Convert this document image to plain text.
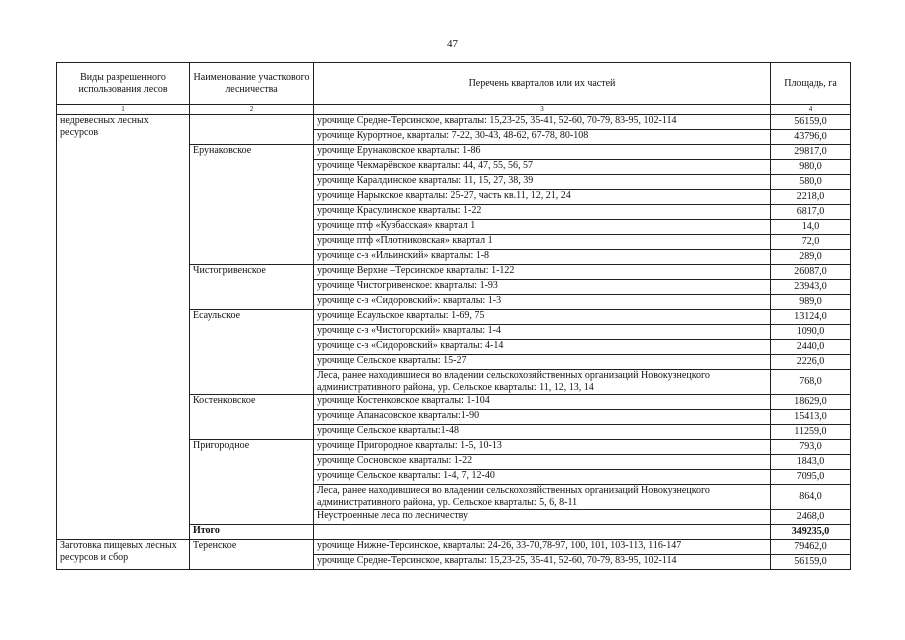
47
Виды разрешенного использования лесов	Наименование участкового лесничества	Перечень кварталов или их частей	Площадь, га
1	2	3	4
недревесных лесных ресурсов		урочище Средне-Терсинское, кварталы: 15,23-25, 35-41, 52-60, 70-79, 83-95, 102-114	56159,0
		урочище Курортное, кварталы: 7-22, 30-43, 48-62, 67-78, 80-108	43796,0
	Ерунаковское	урочище Ерунаковское кварталы: 1-86	29817,0
		урочище Чекмарёвское кварталы: 44, 47, 55, 56, 57	980,0
		урочище Каралдинское кварталы: 11, 15, 27, 38, 39	580,0
		урочище Нарыкское кварталы: 25-27, часть кв.11, 12, 21, 24	2218,0
		урочище Красулинское кварталы: 1-22	6817,0
		урочище птф «Кузбасская» квартал 1	14,0
		урочище птф «Плотниковская» квартал 1	72,0
		урочище с-з «Ильинский» кварталы: 1-8	289,0
	Чистогривенское	урочище Верхне –Терсинское кварталы: 1-122	26087,0
		урочище Чистогривенское: кварталы: 1-93	23943,0
		урочище с-з «Сидоровский»: кварталы: 1-3	989,0
	Есаульское	урочище Есаульское кварталы: 1-69, 75	13124,0
		урочище с-з «Чистогорский» кварталы: 1-4	1090,0
		урочище с-з «Сидоровский» кварталы: 4-14	2440,0
		урочище Сельское кварталы: 15-27	2226,0
		Леса, ранее находившиеся во владении сельскохозяйственных организаций Новокузнецкого административного района, ур. Сельское кварталы: 11, 12, 13, 14	768,0
	Костенковское	урочище Костенковское кварталы: 1-104	18629,0
		урочище Апанасовское кварталы:1-90	15413,0
		урочище Сельское кварталы:1-48	11259,0
	Пригородное	урочище Пригородное кварталы: 1-5, 10-13	793,0
		урочище Сосновское кварталы: 1-22	1843,0
		урочище Сельское кварталы: 1-4, 7, 12-40	7095,0
		Леса, ранее находившиеся во владении сельскохозяйственных организаций Новокузнецкого административного района, ур. Сельское кварталы: 5, 6, 8-11	864,0
		Неустроенные леса по лесничеству	2468,0
	Итого		349235,0
Заготовка пищевых лесных ресурсов и сбор	Теренское	урочище Нижне-Терсинское, кварталы: 24-26, 33-70,78-97, 100, 101, 103-113, 116-147	79462,0
		урочище Средне-Терсинское, кварталы: 15,23-25, 35-41, 52-60, 70-79, 83-95, 102-114	56159,0
